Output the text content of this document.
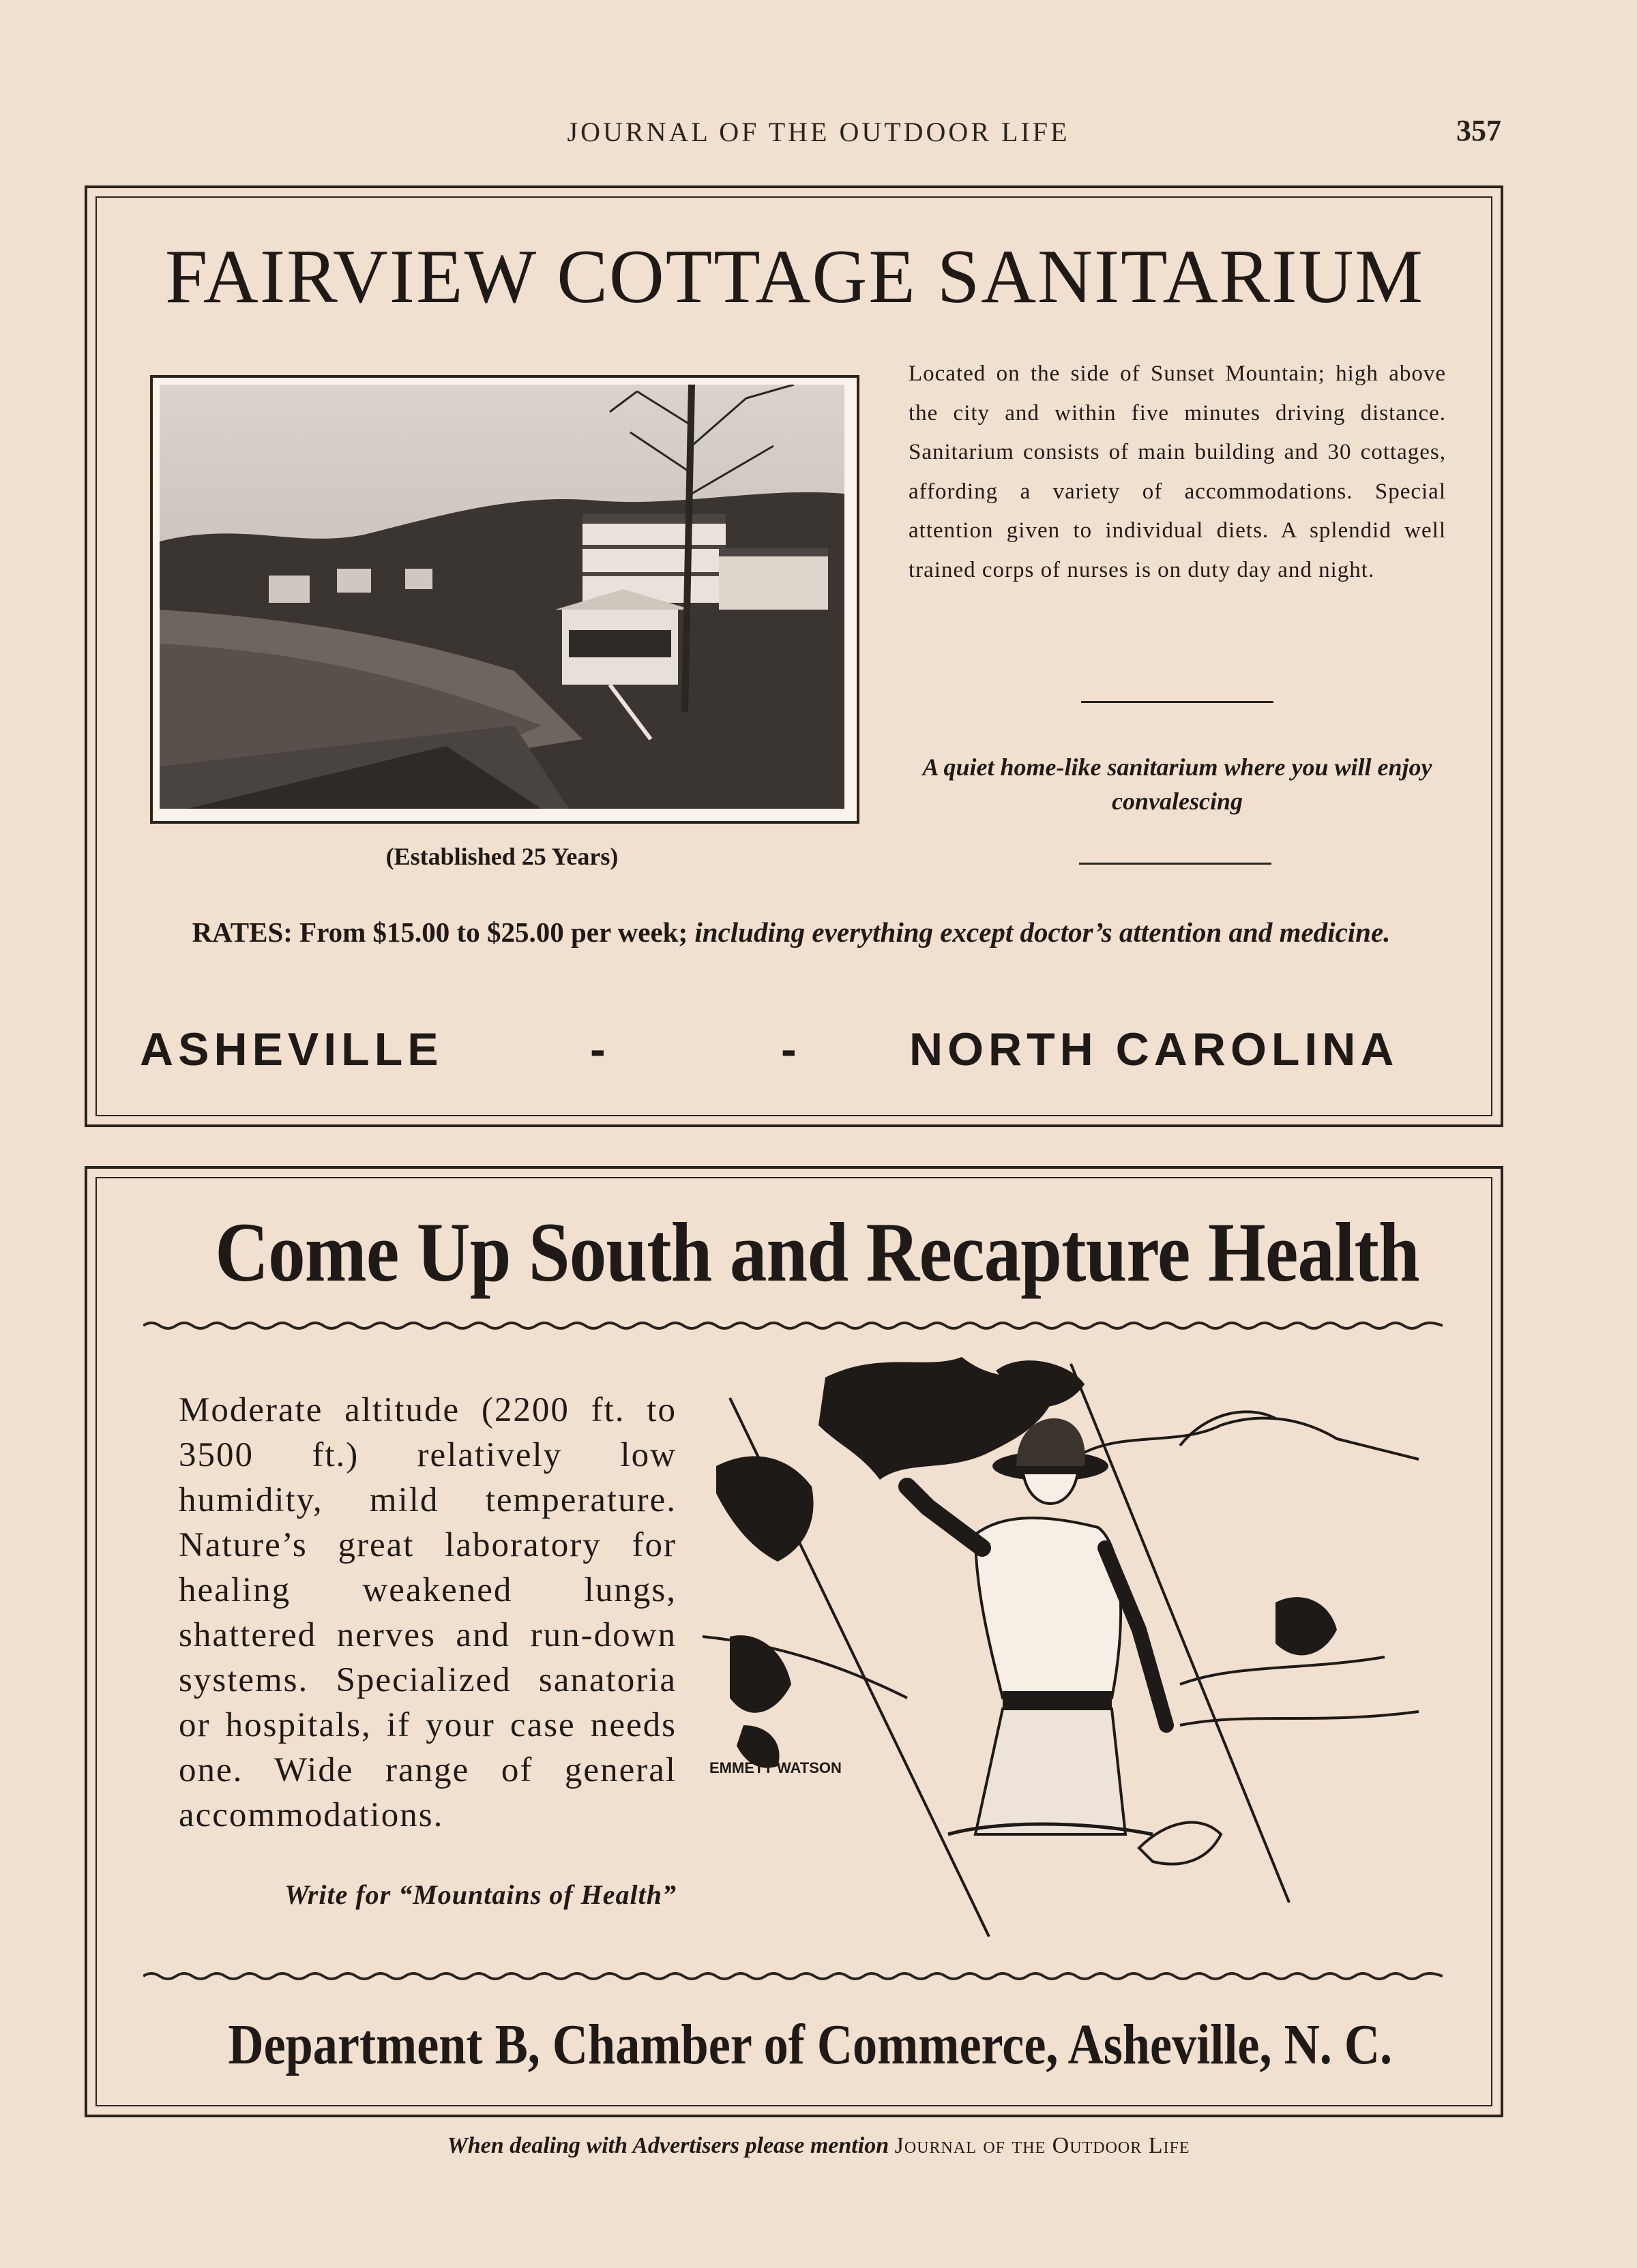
JOURNAL OF THE OUTDOOR LIFE	357
FAIRVIEW COTTAGE SANITARIUM
(Established 25 Years)
Located on the side of Sunset Mountain; high above the city and within five minutes driving distance. Sanitarium consists of main building and 30 cottages, affording a variety of accommodations. Special attention given to individual diets. A splendid well trained corps of nurses is on duty day and night.
A quiet home-like sanitarium where you will enjoy convalescing
RATES: From $15.00 to $25.00 per week; including everything except doctor’s attention and medicine.
ASHEVILLE	-	- NORTH CAROLINA
Come Up South and Recapture Health
Moderate altitude (2200 ft. to 3500 ft.) relatively low humidity, mild temperature. Nature’s great laboratory for healing weakened lungs, shattered nerves and run-down systems. Specialized sanatoria or hospitals, if your case needs one. Wide range of general accommodations.
Write for “Mountains of Health”
EMMETT WATSON
Department B, Chamber of Commerce, Asheville, N. C.
When dealing with Advertisers please mention Journal of the Outdoor Life
